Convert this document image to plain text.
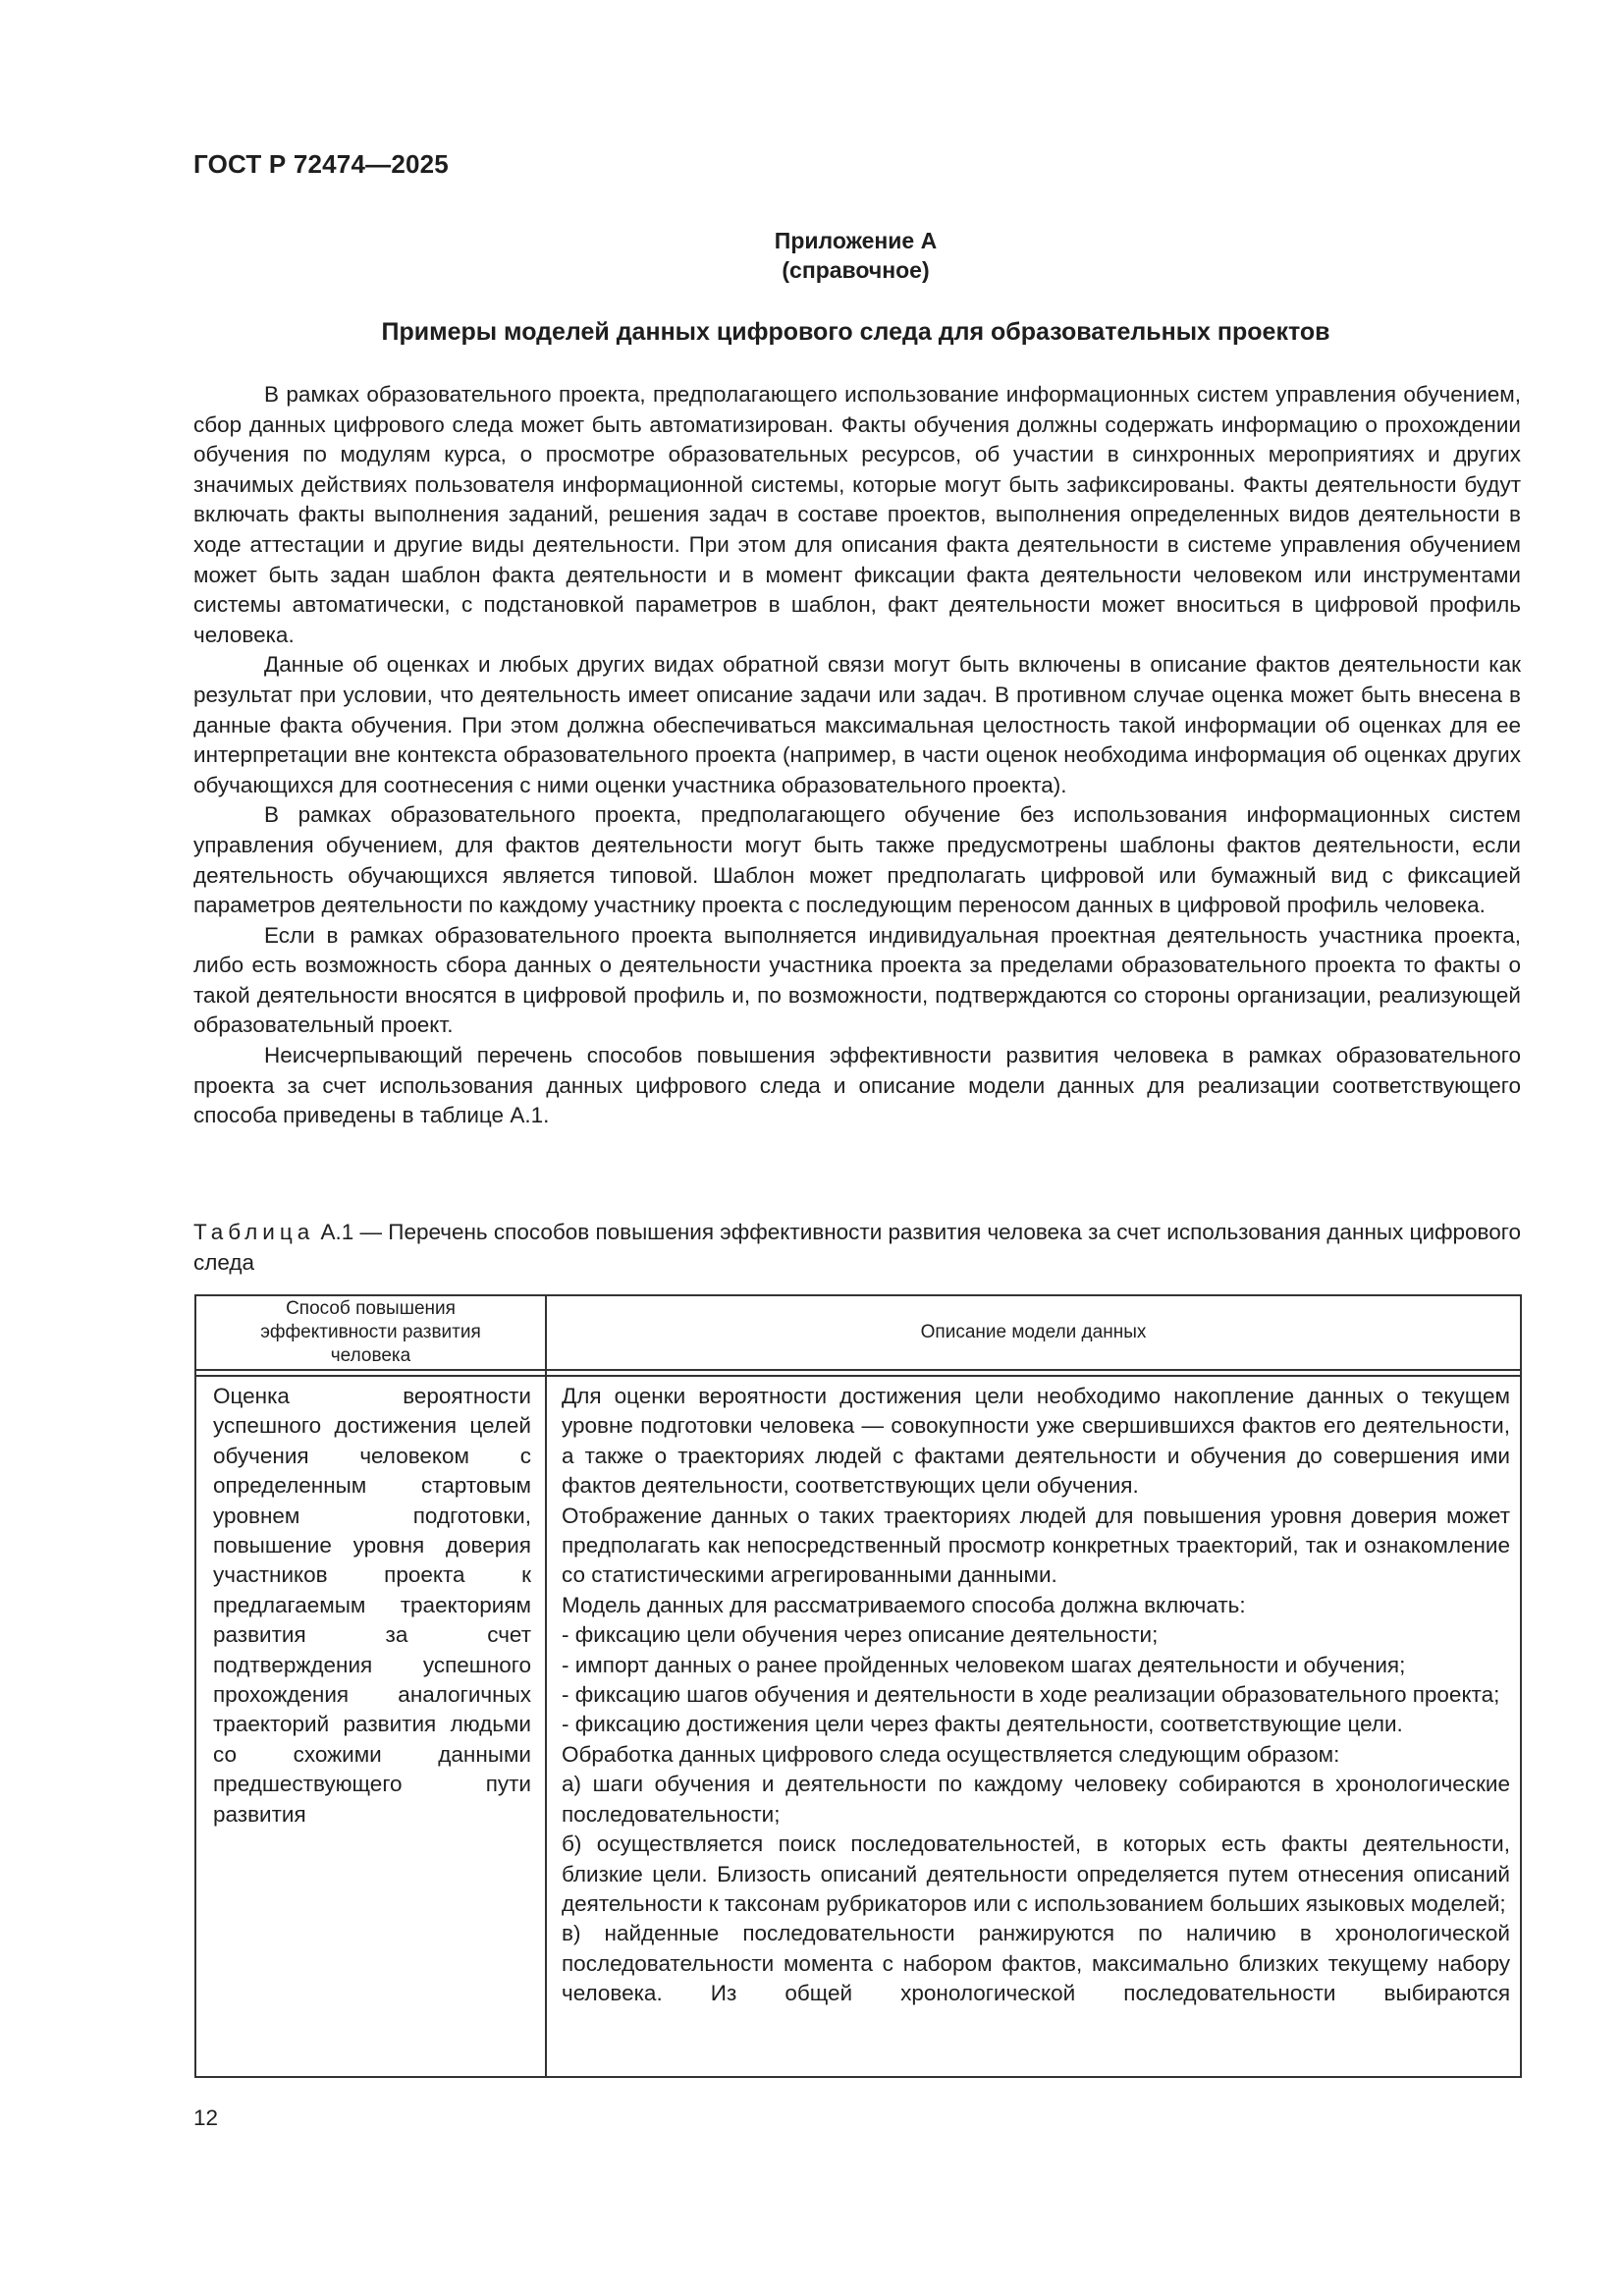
ГОСТ Р 72474—2025
Приложение А
(справочное)
Примеры моделей данных цифрового следа для образовательных проектов

В рамках образовательного проекта, предполагающего использование информационных систем управления обучением, сбор данных цифрового следа может быть автоматизирован. Факты обучения должны содержать информацию о прохождении обучения по модулям курса, о просмотре образовательных ресурсов, об участии в синхронных мероприятиях и других значимых действиях пользователя информационной системы, которые могут быть зафиксированы. Факты деятельности будут включать факты выполнения заданий, решения задач в составе проектов, выполнения определенных видов деятельности в ходе аттестации и другие виды деятельности. При этом для описания факта деятельности в системе управления обучением может быть задан шаблон факта деятельности и в момент фиксации факта деятельности человеком или инструментами системы автоматически, с подстановкой параметров в шаблон, факт деятельности может вноситься в цифровой профиль человека.

Данные об оценках и любых других видах обратной связи могут быть включены в описание фактов деятельности как результат при условии, что деятельность имеет описание задачи или задач. В противном случае оценка может быть внесена в данные факта обучения. При этом должна обеспечиваться максимальная целостность такой информации об оценках для ее интерпретации вне контекста образовательного проекта (например, в части оценок необходима информация об оценках других обучающихся для соотнесения с ними оценки участника образовательного проекта).

В рамках образовательного проекта, предполагающего обучение без использования информационных систем управления обучением, для фактов деятельности могут быть также предусмотрены шаблоны фактов деятельности, если деятельность обучающихся является типовой. Шаблон может предполагать цифровой или бумажный вид с фиксацией параметров деятельности по каждому участнику проекта с последующим переносом данных в цифровой профиль человека.

Если в рамках образовательного проекта выполняется индивидуальная проектная деятельность участника проекта, либо есть возможность сбора данных о деятельности участника проекта за пределами образовательного проекта то факты о такой деятельности вносятся в цифровой профиль и, по возможности, подтверждаются со стороны организации, реализующей образовательный проект.

Неисчерпывающий перечень способов повышения эффективности развития человека в рамках образовательного проекта за счет использования данных цифрового следа и описание модели данных для реализации соответствующего способа приведены в таблице А.1.

Таблица А.1 — Перечень способов повышения эффективности развития человека за счет использования данных цифрового следа
Способ повышения эффективности развития человека
Описание модели данных
Оценка вероятности успешного достижения целей обучения человеком с определенным стартовым уровнем подготовки, повышение уровня доверия участников проекта к предлагаемым траекториям развития за счет подтверждения успешного прохождения аналогичных траекторий развития людьми со схожими данными предшествующего пути развития
Для оценки вероятности достижения цели необходимо накопление данных о текущем уровне подготовки человека — совокупности уже свершившихся фактов его деятельности, а также о траекториях людей с фактами деятельности и обучения до совершения ими фактов деятельности, соответствующих цели обучения.
Отображение данных о таких траекториях людей для повышения уровня доверия может предполагать как непосредственный просмотр конкретных траекторий, так и ознакомление со статистическими агрегированными данными.
Модель данных для рассматриваемого способа должна включать:
- фиксацию цели обучения через описание деятельности;
- импорт данных о ранее пройденных человеком шагах деятельности и обучения;
- фиксацию шагов обучения и деятельности в ходе реализации образовательного проекта;
- фиксацию достижения цели через факты деятельности, соответствующие цели.
Обработка данных цифрового следа осуществляется следующим образом:
а) шаги обучения и деятельности по каждому человеку собираются в хронологические последовательности;
б) осуществляется поиск последовательностей, в которых есть факты деятельности, близкие цели. Близость описаний деятельности определяется путем отнесения описаний деятельности к таксонам рубрикаторов или с использованием больших языковых моделей;
в) найденные последовательности ранжируются по наличию в хронологической последовательности момента с набором фактов, максимально близких текущему набору человека. Из общей хронологической последовательности выбираются
12
